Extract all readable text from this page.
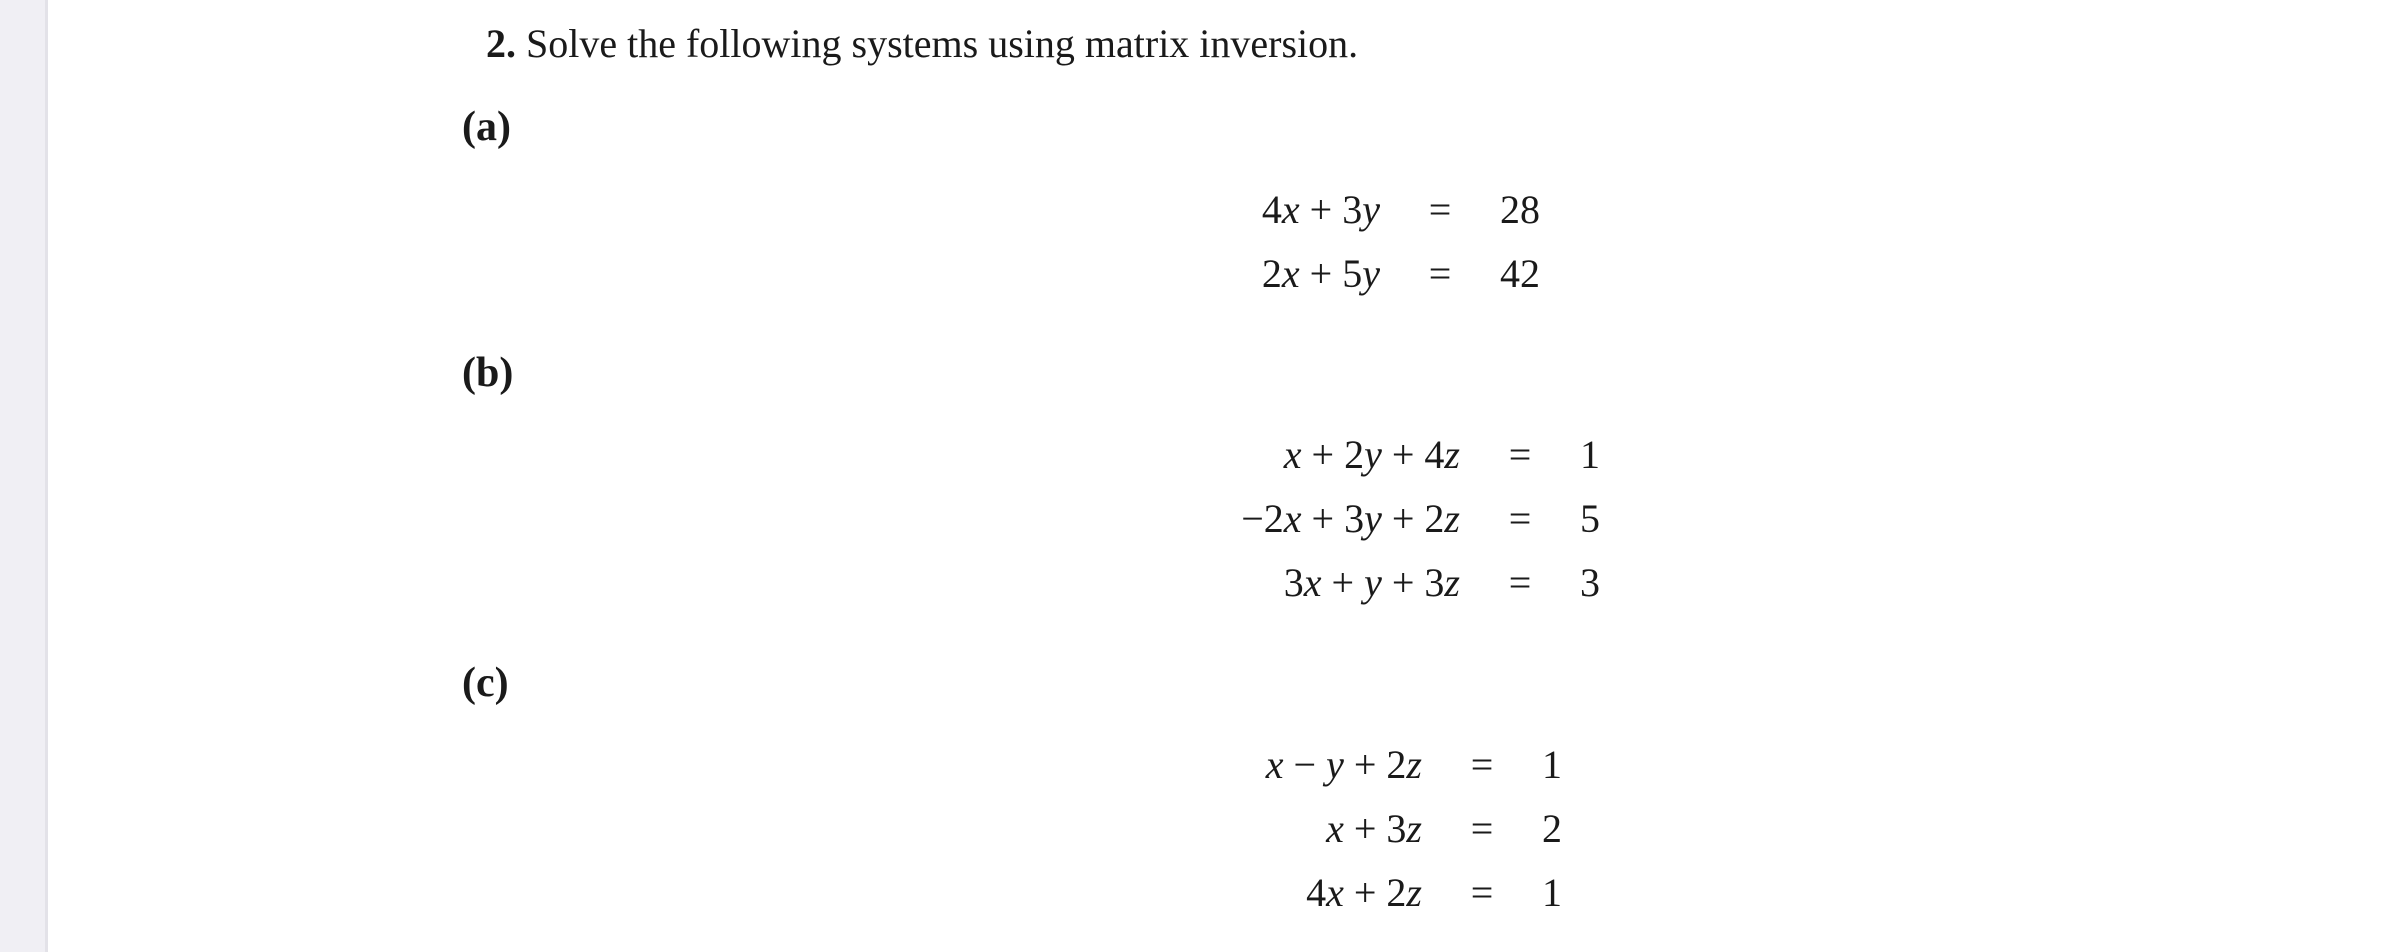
2. Solve the following systems using matrix inversion.
(a)
4x + 3y	=	28
2x + 5y	=	42
(b)
x + 2y + 4z	=	1
−2x + 3y + 2z	=	5
3x + y + 3z	=	3
(c)
x − y + 2z	=	1
x + 3z	=	2
4x + 2z	=	1
